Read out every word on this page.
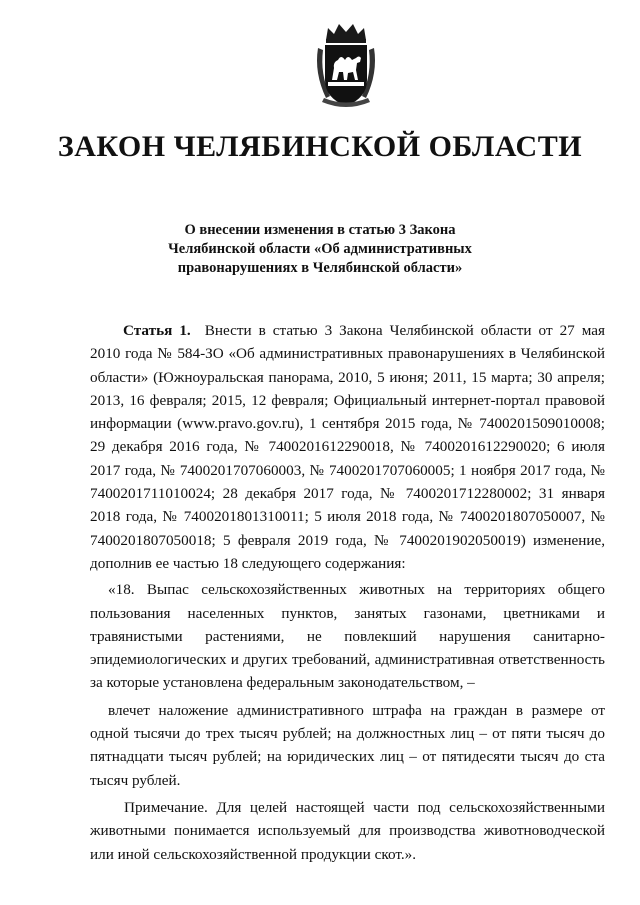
ЗАКОН ЧЕЛЯБИНСКОЙ ОБЛАСТИ
О внесении изменения в статью 3 Закона
Челябинской области «Об административных
правонарушениях в Челябинской области»

Статья 1. Внести в статью 3 Закона Челябинской области от 27 мая 2010 года № 584-ЗО «Об административных правонарушениях в Челябинской области» (Южноуральская панорама, 2010, 5 июня; 2011, 15 марта; 30 апреля; 2013, 16 февраля; 2015, 12 февраля; Официальный интернет-портал правовой информации (www.pravo.gov.ru), 1 сентября 2015 года, № 7400201509010008; 29 декабря 2016 года, № 7400201612290018, № 7400201612290020; 6 июля 2017 года, № 7400201707060003, № 7400201707060005; 1 ноября 2017 года, № 7400201711010024; 28 декабря 2017 года, № 7400201712280002; 31 января 2018 года, № 7400201801310011; 5 июля 2018 года, № 7400201807050007, № 7400201807050018; 5 февраля 2019 года, № 7400201902050019) изменение, дополнив ее частью 18 следующего содержания:

«18. Выпас сельскохозяйственных животных на территориях общего пользования населенных пунктов, занятых газонами, цветниками и травянистыми растениями, не повлекший нарушения санитарно-эпидемиологических и других требований, административная ответственность за которые установлена федеральным законодательством, –

влечет наложение административного штрафа на граждан в размере от одной тысячи до трех тысяч рублей; на должностных лиц – от пяти тысяч до пятнадцати тысяч рублей; на юридических лиц – от пятидесяти тысяч до ста тысяч рублей.

Примечание. Для целей настоящей части под сельскохозяйственными животными понимается используемый для производства животноводческой или иной сельскохозяйственной продукции скот.».
